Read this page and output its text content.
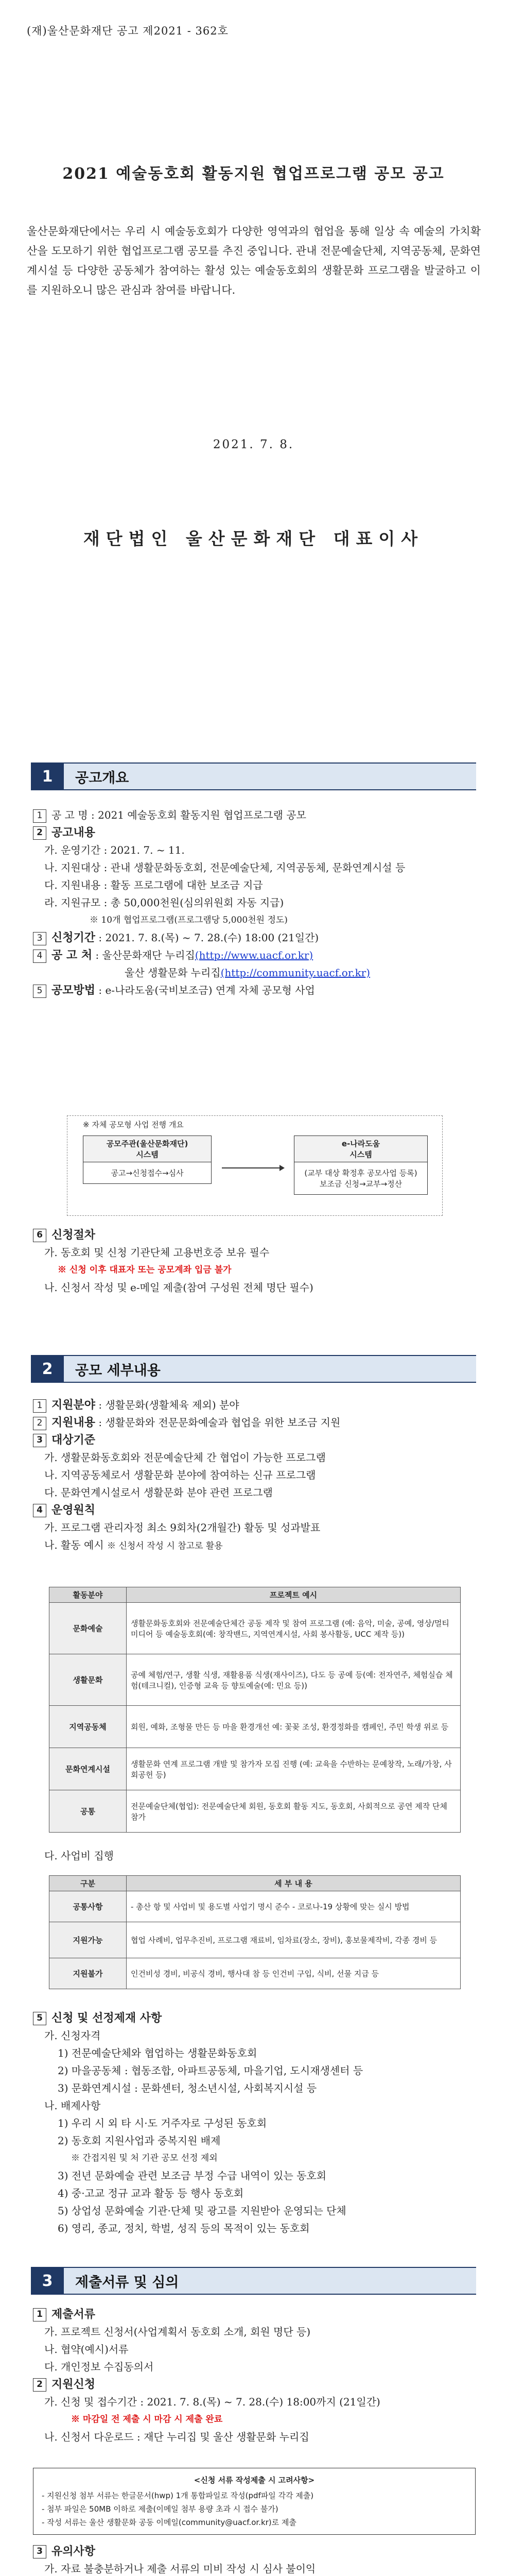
(재)울산문화재단 공고 제2021 - 362호
2021 예술동호회 활동지원 협업프로그램 공모 공고
울산문화재단에서는 우리 시 예술동호회가 다양한 영역과의 협업을 통해 일상 속 예술의 가치확산을 도모하기 위한 협업프로그램 공모를 추진 중입니다. 관내 전문예술단체, 지역공동체, 문화연계시설 등 다양한 공동체가 참여하는 활성 있는 예술동호회의 생활문화 프로그램을 발굴하고 이를 지원하오니 많은 관심과 참여를 바랍니다.
2021. 7. 8.
재단법인 울산문화재단 대표이사
1	공고개요
1 공 고 명 : 2021 예술동호회 활동지원 협업프로그램 공모
2 공고내용
가. 운영기간 : 2021. 7. ~ 11.
나. 지원대상 : 관내 생활문화동호회, 전문예술단체, 지역공동체, 문화연계시설 등
다. 지원내용 : 활동 프로그램에 대한 보조금 지급
라. 지원규모 : 총 50,000천원(심의위원회 자동 지급)
※ 10개 협업프로그램(프로그램당 5,000천원 정도)
3 신청기간 : 2021. 7. 8.(목) ~ 7. 28.(수) 18:00 (21일간)
4 공 고 처 : 울산문화재단 누리집(http://www.uacf.or.kr)
울산 생활문화 누리집(http://community.uacf.or.kr)
5 공모방법 : e-나라도움(국비보조금) 연계 자체 공모형 사업
※ 자체 공모형 사업 전행 개요
공모주관(울산문화재단)
시스템
공고→신청접수→심사
e-나라도움
시스템
(교부 대상 확정후 공모사업 등록)
보조금 신청→교부→정산
6 신청절차
가. 동호회 및 신청 기관단체 고용번호증 보유 필수
※ 신청 이후 대표자 또는 공모계좌 입금 불가
나. 신청서 작성 및 e-메일 제출(참여 구성원 전체 명단 필수)
2	공모 세부내용
1 지원분야 : 생활문화(생활체육 제외) 분야
2 지원내용 : 생활문화와 전문문화예술과 협업을 위한 보조금 지원
3 대상기준
가. 생활문화동호회와 전문예술단체 간 협업이 가능한 프로그램
나. 지역공동체로서 생활문화 분야에 참여하는 신규 프로그램
다. 문화연계시설로서 생활문화 분야 관련 프로그램
4 운영원칙
가. 프로그램 관리자정 최소 9회차(2개월간) 활동 및 성과발표
나. 활동 예시 ※ 신청서 작성 시 참고로 활용
활동분야	프로젝트 예시
문화예술	생활문화동호회와 전문예술단체간 공동 제작 및 참여 프로그램 (예: 음악, 미술, 공예, 영상/멀티미디어 등 예술동호회(예: 창작밴드, 지역연계시설, 사회 봉사활동, UCC 제작 등))
생활문화	공예 체험/연구, 생활 식생, 재활용품 식생(재사이즈), 다도 등 공예 등(예: 전자연주, 체험실습 체험(테크니컬), 인증형 교육 등 향토예술(예: 민요 등))
지역공동체	회원, 예화, 조형물 만든 등 마을 환경개선 예: 꽃꽂 조성, 환경정화를 캠페인, 주민 학생 위로 등
문화연계시설	생활문화 연계 프로그램 개발 및 참가자 모집 진행 (예: 교육을 수반하는 문예창작, 노래/가창, 사회공헌 등)
공통	전문예술단체(협업): 전문예술단체 회원, 동호회 활동 지도, 동호회, 사회적으로 공연 제작 단체 참가
다. 사업비 집행
구분	세 부 내 용
공통사항	- 총산 항 및 사업비 및 용도별 사업기 명시 준수 - 코로나-19 상황에 맞는 실시 방법
지원가능	협업 사례비, 업무추진비, 프로그램 재료비, 임차료(장소, 장비), 홍보물제작비, 각종 경비 등
지원불가	인건비성 경비, 비공식 경비, 행사대 참 등 인건비 구입, 식비, 선물 지급 등
5 신청 및 선정제재 사항
가. 신청자격
1) 전문예술단체와 협업하는 생활문화동호회
2) 마을공동체 : 협동조합, 아파트공동체, 마을기업, 도시재생센터 등
3) 문화연계시설 : 문화센터, 청소년시설, 사회복지시설 등
나. 배제사항
1) 우리 시 외 타 시·도 거주자로 구성된 동호회
2) 동호회 지원사업과 중복지원 배제
※ 간접지원 및 처 기관 공모 선정 제외
3) 전년 문화예술 관련 보조금 부정 수급 내역이 있는 동호회
4) 중·고교 정규 교과 활동 등 행사 동호회
5) 상업성 문화예술 기관·단체 및 광고를 지원받아 운영되는 단체
6) 영리, 종교, 정치, 학벌, 성직 등의 목적이 있는 동호회
3	제출서류 및 심의
1 제출서류
가. 프로젝트 신청서(사업계획서 동호회 소개, 회원 명단 등)
나. 협약(예시)서류
다. 개인정보 수집동의서
2 지원신청
가. 신청 및 접수기간 : 2021. 7. 8.(목) ~ 7. 28.(수) 18:00까지 (21일간)
※ 마감일 전 제출 시 마감 시 제출 완료
나. 신청서 다운로드 : 재단 누리집 및 울산 생활문화 누리집
<신청 서류 작성제출 시 고려사항>
- 지원신청 첨부 서류는 한글문서(hwp) 1개 통합파일로 작성(pdf파일 각각 제출)
- 첨부 파일은 50MB 이하로 제출(이메일 첨부 용량 초과 시 접수 불가)
- 작성 서류는 울산 생활문화 공동 이메일(community@uacf.or.kr)로 제출
3 유의사항
가. 자료 불충분하거나 제출 서류의 미비 작성 시 심사 불이익
